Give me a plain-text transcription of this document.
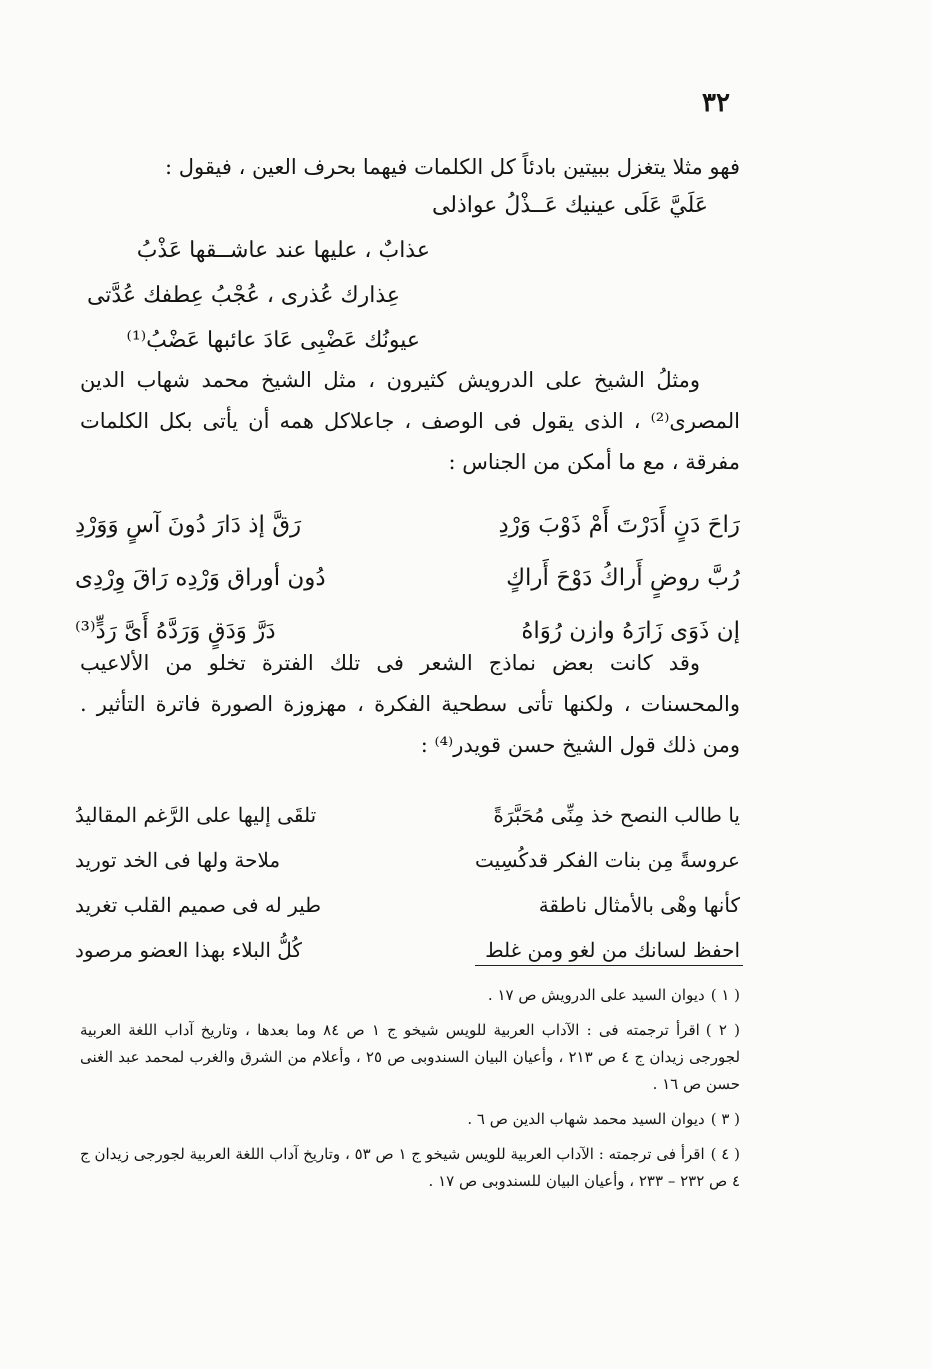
٣٢
فهو مثلا يتغزل ببيتين بادئاً كل الكلمات فيهما بحرف العين ، فيقول :
عَلَيَّ عَلَى عينيك عَــذْلُ عواذلى
عذابٌ ، عليها عند عاشــقها عَذْبُ
عِذارك عُذرى ، عُجْبُ عِطفك عُدَّتى
عيونُك عَضْبِى عَادَ عائبها عَضْبُ⁽¹⁾
ومثلُ الشيخ على الدرويش كثيرون ، مثل الشيخ محمد شهاب الدين المصرى⁽²⁾ ، الذى يقول فى الوصف ، جاعلاكل همه أن يأتى بكل الكلمات مفرقة ، مع ما أمكن من الجناس :
رَاحَ دَنٍ أَدَرْتَ أَمْ ذَوْبَ وَرْدِ
رَقَّ إذ دَارَ دُونَ آسٍ وَوَرْدِ
رُبَّ روضٍ أَراكُ دَوْحَ أَراكٍ
دُون أوراق وَرْدِه رَاقَ وِرْدِى
إن ذَوَى زَارَهُ وازن رُوَاهُ
دَرَّ وَدَقٍ وَرَدَّهُ أَىَّ رَدٍّ⁽³⁾
وقد كانت بعض نماذج الشعر فى تلك الفترة تخلو من الألاعيب والمحسنات ، ولكنها تأتى سطحية الفكرة ، مهزوزة الصورة فاترة التأثير . ومن ذلك قول الشيخ حسن قويدر⁽⁴⁾ :
يا طالب النصح خذ مِنِّى مُحَبَّرَةً
تلقَى إليها على الرَّغم المقاليدُ
عروسةً مِن بنات الفكر قدكُسِيت
ملاحة ولها فى الخد توريد
كأنها وهْى بالأمثال ناطقة
طير له فى صميم القلب تغريد
احفظ لسانك من لغو ومن غلط
كُلُّ البلاء بهذا العضو مرصود
( ١ )ديوان السيد على الدرويش ص ١٧ .
( ٢ )اقرأ ترجمته فى : الآداب العربية للويس شيخو ج ١ ص ٨٤ وما بعدها ، وتاريخ آداب اللغة العربية لجورجى زيدان ج ٤ ص ٢١٣ ، وأعيان البيان السندوبى ص ٢٥ ، وأعلام من الشرق والغرب لمحمد عبد الغنى حسن ص ١٦ .
( ٣ )ديوان السيد محمد شهاب الدين ص ٦ .
( ٤ )اقرأ فى ترجمته : الآداب العربية للويس شيخو ج ١ ص ٥٣ ، وتاريخ آداب اللغة العربية لجورجى زيدان ج ٤ ص ٢٣٢ – ٢٣٣ ، وأعيان البيان للسندوبى ص ١٧ .
